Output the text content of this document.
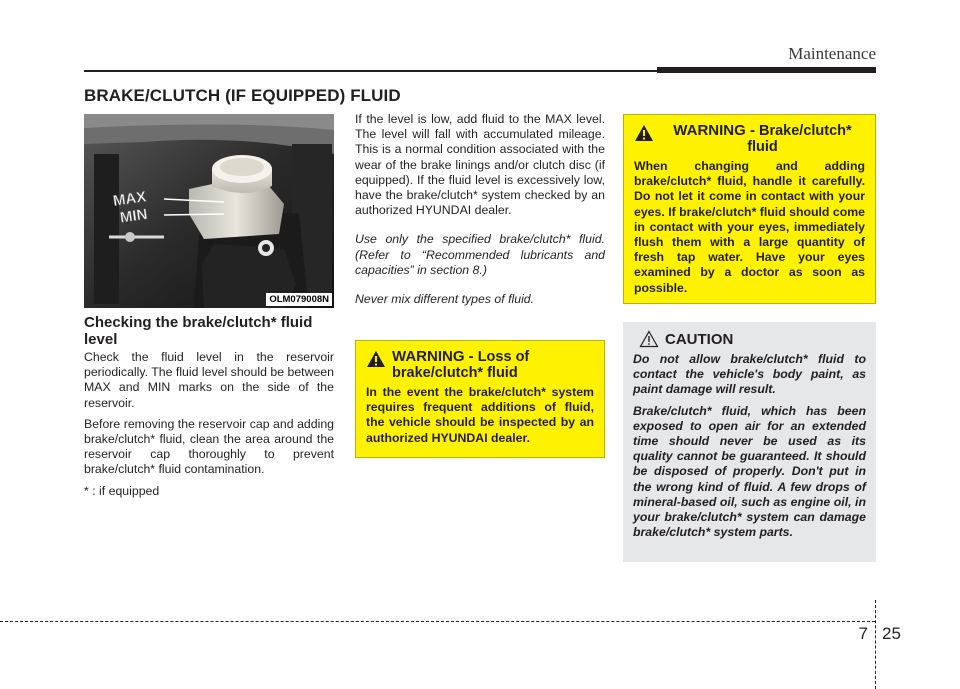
Maintenance
BRAKE/CLUTCH (IF EQUIPPED) FLUID
MAX
MIN
OLM079008N
Checking the brake/clutch* fluid level

Check the fluid level in the reservoir periodically. The fluid level should be between MAX and MIN marks on the side of the reservoir.

Before removing the reservoir cap and adding brake/clutch* fluid, clean the area around the reservoir cap thoroughly to prevent brake/clutch* fluid contamination.

* : if equipped

If the level is low, add fluid to the MAX level. The level will fall with accumulated mileage. This is a normal condition associated with the wear of the brake linings and/or clutch disc (if equipped). If the fluid level is excessively low, have the brake/clutch* system checked by an authorized HYUNDAI dealer.

Use only the specified brake/clutch* fluid. (Refer to “Recommended lubricants and capacities” in section 8.)

Never mix different types of fluid.

WARNING - Loss of brake/clutch* fluid
In the event the brake/clutch* system requires frequent additions of fluid, the vehicle should be inspected by an authorized HYUNDAI dealer.
WARNING - Brake/clutch* fluid
When changing and adding brake/clutch* fluid, handle it carefully. Do not let it come in contact with your eyes. If brake/clutch* fluid should come in contact with your eyes, immediately flush them with a large quantity of fresh tap water. Have your eyes examined by a doctor as soon as possible.
CAUTION

Do not allow brake/clutch* fluid to contact the vehicle's body paint, as paint damage will result.

Brake/clutch* fluid, which has been exposed to open air for an extended time should never be used as its quality cannot be guaranteed. It should be disposed of properly. Don't put in the wrong kind of fluid. A few drops of mineral-based oil, such as engine oil, in your brake/clutch* system can damage brake/clutch* system parts.

7 25
